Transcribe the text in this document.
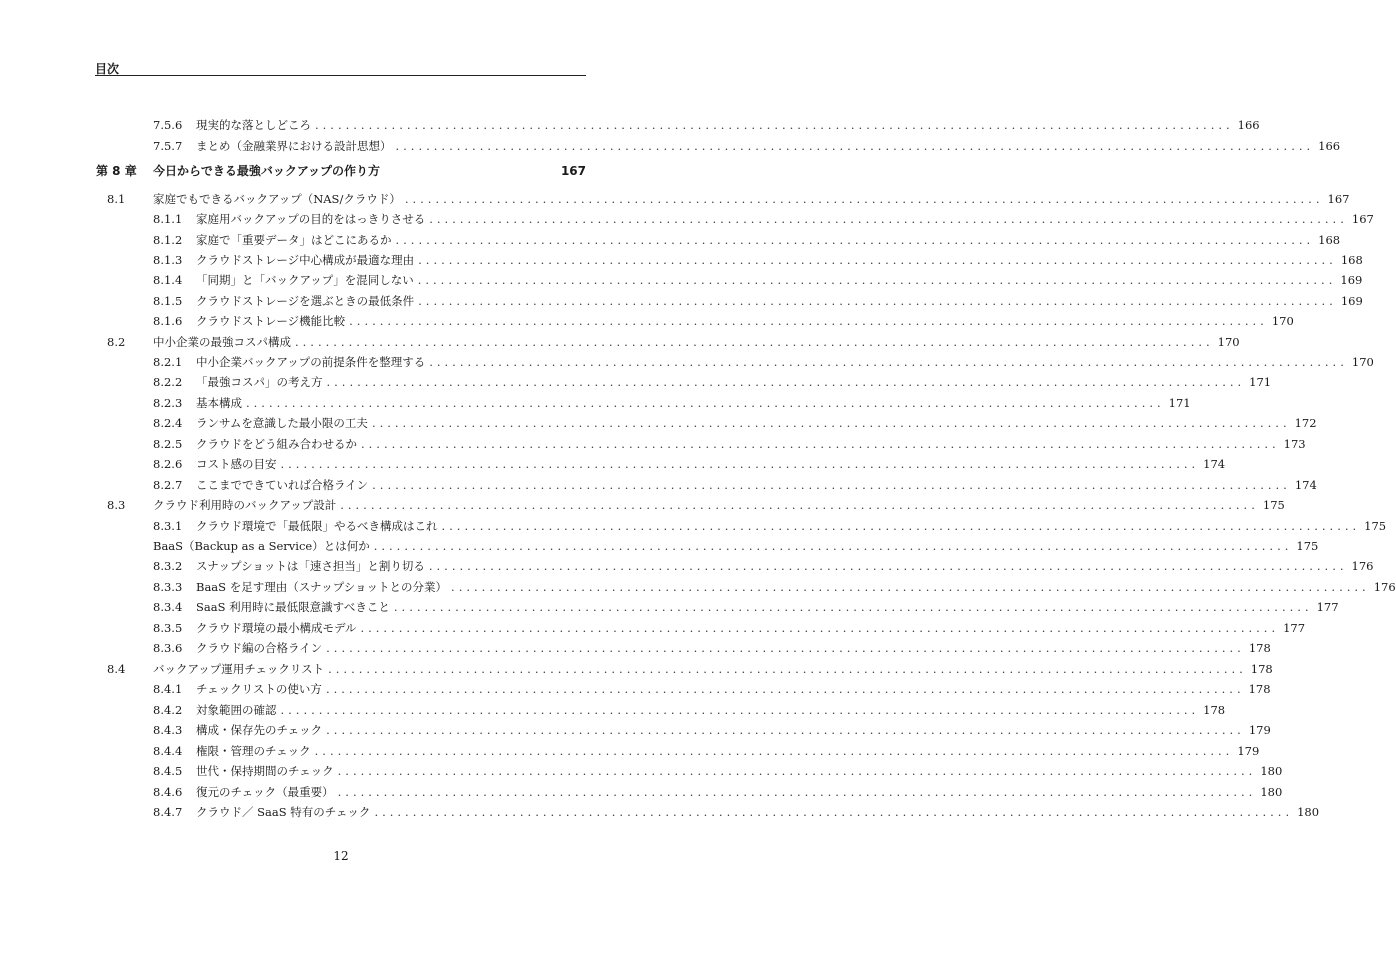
目次
7.5.6 現実的な落としどころ ........................................................................................................................ 166
7.5.7 まとめ（金融業界における設計思想） ........................................................................................................................ 166
第 8 章 今日からできる最強バックアップの作り方	167
8.1 家庭でもできるバックアップ（NAS/クラウド） ........................................................................................................................ 167
8.1.1 家庭用バックアップの目的をはっきりさせる ........................................................................................................................ 167
8.1.2 家庭で「重要データ」はどこにあるか ........................................................................................................................ 168
8.1.3 クラウドストレージ中心構成が最適な理由 ........................................................................................................................ 168
8.1.4 「同期」と「バックアップ」を混同しない ........................................................................................................................ 169
8.1.5 クラウドストレージを選ぶときの最低条件 ........................................................................................................................ 169
8.1.6 クラウドストレージ機能比較 ........................................................................................................................ 170
8.2 中小企業の最強コスパ構成 ........................................................................................................................ 170
8.2.1 中小企業バックアップの前提条件を整理する ........................................................................................................................ 170
8.2.2 「最強コスパ」の考え方 ........................................................................................................................ 171
8.2.3 基本構成 ........................................................................................................................ 171
8.2.4 ランサムを意識した最小限の工夫 ........................................................................................................................ 172
8.2.5 クラウドをどう組み合わせるか ........................................................................................................................ 173
8.2.6 コスト感の目安 ........................................................................................................................ 174
8.2.7 ここまでできていれば合格ライン ........................................................................................................................ 174
8.3 クラウド利用時のバックアップ設計 ........................................................................................................................ 175
8.3.1 クラウド環境で「最低限」やるべき構成はこれ ........................................................................................................................ 175
BaaS（Backup as a Service）とは何か ........................................................................................................................ 175
8.3.2 スナップショットは「速さ担当」と割り切る ........................................................................................................................ 176
8.3.3 BaaS を足す理由（スナップショットとの分業） ........................................................................................................................ 176
8.3.4 SaaS 利用時に最低限意識すべきこと ........................................................................................................................ 177
8.3.5 クラウド環境の最小構成モデル ........................................................................................................................ 177
8.3.6 クラウド編の合格ライン ........................................................................................................................ 178
8.4 バックアップ運用チェックリスト ........................................................................................................................ 178
8.4.1 チェックリストの使い方 ........................................................................................................................ 178
8.4.2 対象範囲の確認 ........................................................................................................................ 178
8.4.3 構成・保存先のチェック ........................................................................................................................ 179
8.4.4 権限・管理のチェック ........................................................................................................................ 179
8.4.5 世代・保持期間のチェック ........................................................................................................................ 180
8.4.6 復元のチェック（最重要） ........................................................................................................................ 180
8.4.7 クラウド／ SaaS 特有のチェック ........................................................................................................................ 180
12
